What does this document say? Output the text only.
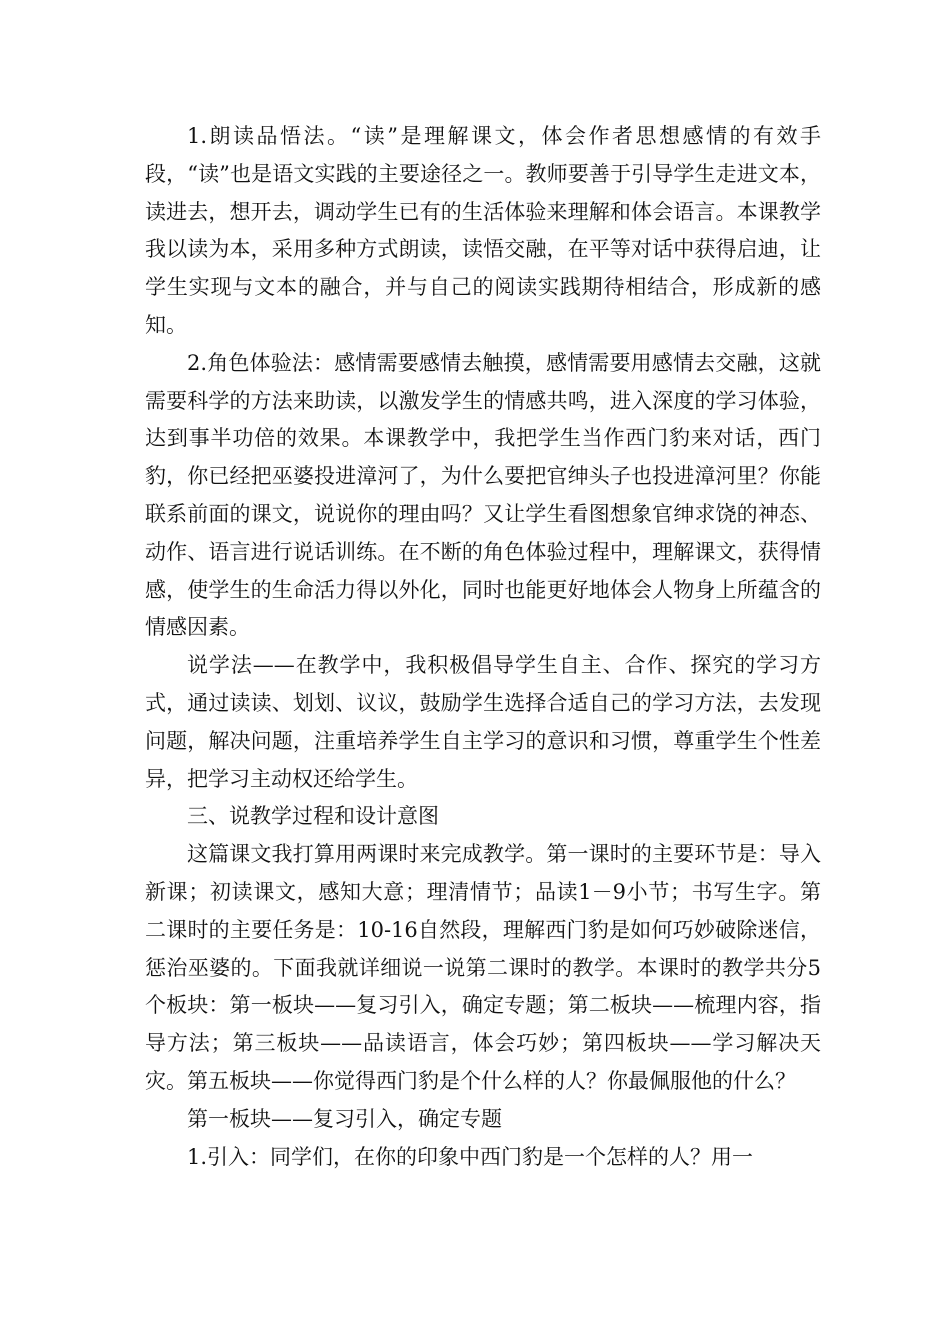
1.朗读品悟法。“读”是理解课文，体会作者思想感情的有效手段，“读”也是语文实践的主要途径之一。教师要善于引导学生走进文本，读进去，想开去，调动学生已有的生活体验来理解和体会语言。本课教学我以读为本，采用多种方式朗读，读悟交融，在平等对话中获得启迪，让学生实现与文本的融合，并与自己的阅读实践期待相结合，形成新的感知。

2.角色体验法：感情需要感情去触摸，感情需要用感情去交融，这就需要科学的方法来助读，以激发学生的情感共鸣，进入深度的学习体验，达到事半功倍的效果。本课教学中，我把学生当作西门豹来对话，西门豹，你已经把巫婆投进漳河了，为什么要把官绅头子也投进漳河里？你能联系前面的课文，说说你的理由吗？又让学生看图想象官绅求饶的神态、动作、语言进行说话训练。在不断的角色体验过程中，理解课文，获得情感，使学生的生命活力得以外化，同时也能更好地体会人物身上所蕴含的情感因素。

说学法——在教学中，我积极倡导学生自主、合作、探究的学习方式，通过读读、划划、议议，鼓励学生选择合适自己的学习方法，去发现问题，解决问题，注重培养学生自主学习的意识和习惯，尊重学生个性差异，把学习主动权还给学生。

三、说教学过程和设计意图

这篇课文我打算用两课时来完成教学。第一课时的主要环节是：导入新课；初读课文，感知大意；理清情节；品读1－9小节；书写生字。第二课时的主要任务是：10-16自然段，理解西门豹是如何巧妙破除迷信，惩治巫婆的。下面我就详细说一说第二课时的教学。本课时的教学共分5个板块：第一板块——复习引入，确定专题；第二板块——梳理内容，指导方法；第三板块——品读语言，体会巧妙；第四板块——学习解决天灾。第五板块——你觉得西门豹是个什么样的人？你最佩服他的什么？

第一板块——复习引入，确定专题

1.引入：同学们，在你的印象中西门豹是一个怎样的人？用一
